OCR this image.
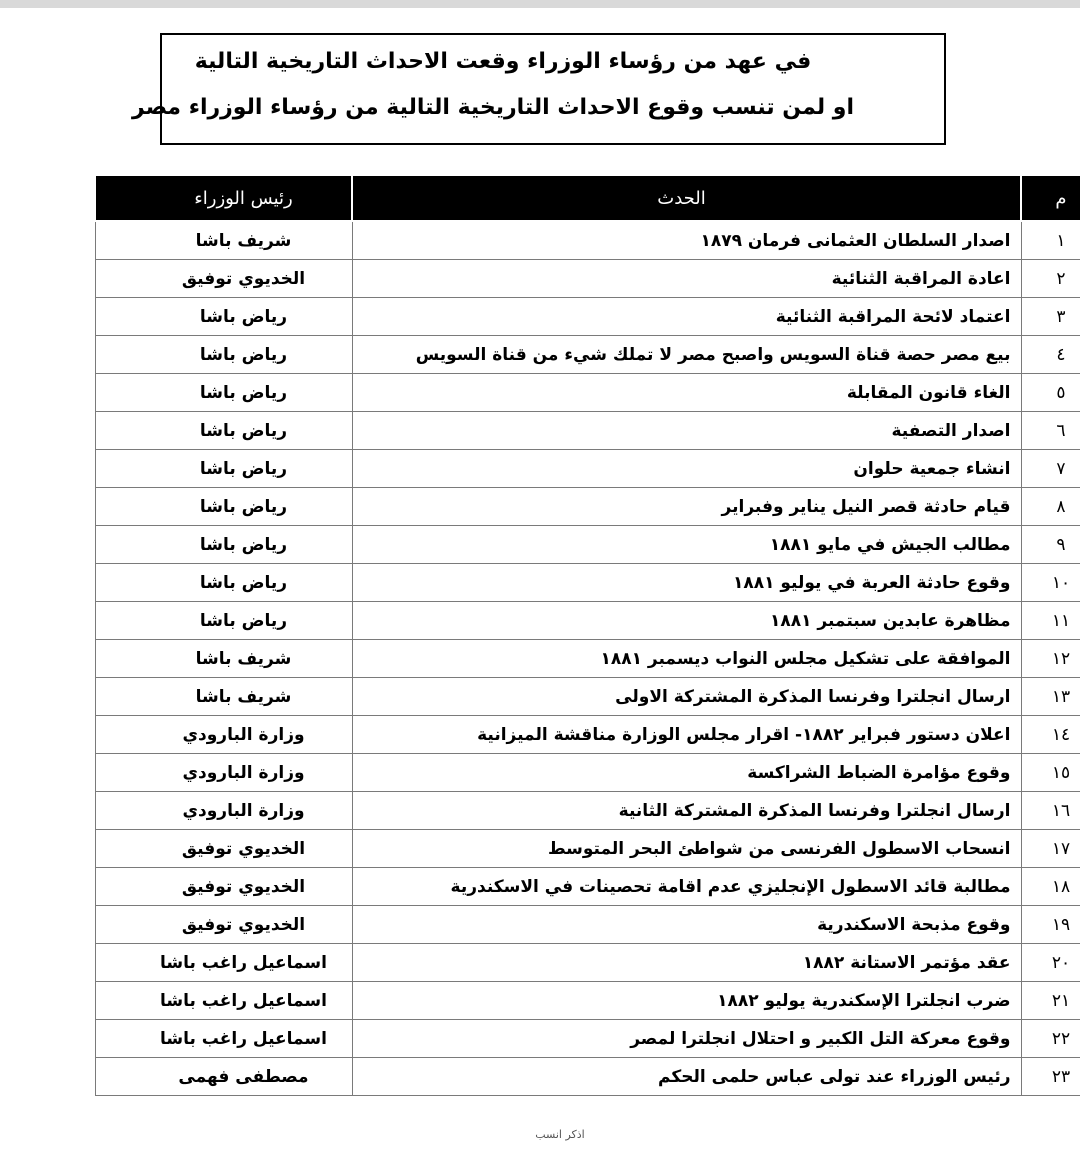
في عهد من رؤساء الوزراء وقعت الاحداث التاريخية التالية
او لمن تنسب وقوع الاحداث التاريخية التالية من رؤساء الوزراء مصر
م	الحدث	رئيس الوزراء
١	اصدار السلطان العثمانى فرمان ١٨٧٩	شريف باشا
٢	اعادة المراقبة الثنائية	الخديوي توفيق
٣	اعتماد لائحة المراقبة الثنائية	رياض باشا
٤	بيع مصر حصة قناة السويس واصبح مصر لا تملك شيء من قناة السويس	رياض باشا
٥	الغاء قانون المقابلة	رياض باشا
٦	اصدار التصفية	رياض باشا
٧	انشاء جمعية حلوان	رياض باشا
٨	قيام حادثة قصر النيل يناير وفبراير	رياض باشا
٩	مطالب الجيش في مايو ١٨٨١	رياض باشا
١٠	وقوع حادثة العربة في يوليو ١٨٨١	رياض باشا
١١	مظاهرة عابدين سبتمبر ١٨٨١	رياض باشا
١٢	الموافقة على تشكيل مجلس النواب ديسمبر ١٨٨١	شريف باشا
١٣	ارسال انجلترا وفرنسا المذكرة المشتركة الاولى	شريف باشا
١٤	اعلان دستور فبراير ١٨٨٢- اقرار مجلس الوزارة مناقشة الميزانية	وزارة البارودي
١٥	وقوع مؤامرة الضباط الشراكسة	وزارة البارودي
١٦	ارسال انجلترا وفرنسا المذكرة المشتركة الثانية	وزارة البارودي
١٧	انسحاب الاسطول الفرنسى من شواطئ البحر المتوسط	الخديوي توفيق
١٨	مطالبة قائد الاسطول الإنجليزي عدم اقامة تحصينات في الاسكندرية	الخديوي توفيق
١٩	وقوع مذبحة الاسكندرية	الخديوي توفيق
٢٠	عقد مؤتمر الاستانة ١٨٨٢	اسماعيل راغب باشا
٢١	ضرب انجلترا الإسكندرية يوليو ١٨٨٢	اسماعيل راغب باشا
٢٢	وقوع معركة التل الكبير و احتلال انجلترا لمصر	اسماعيل راغب باشا
٢٣	رئيس الوزراء عند تولى عباس حلمى الحكم	مصطفى فهمى
اذكر انسب
